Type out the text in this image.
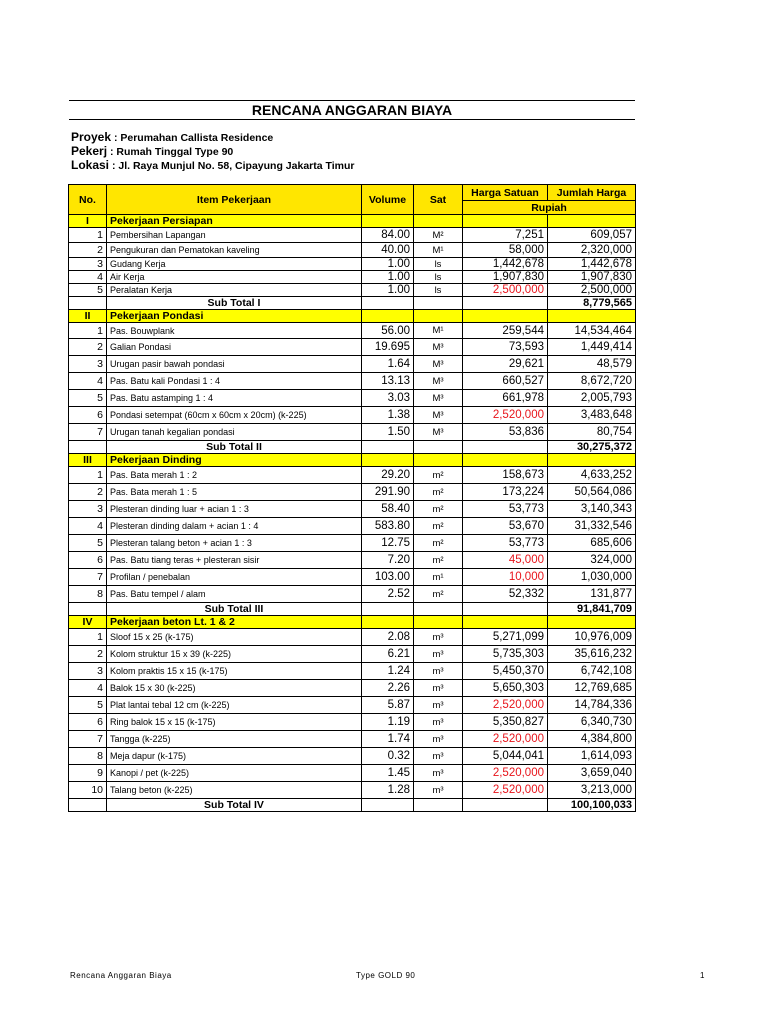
RENCANA ANGGARAN BIAYA
Proyek : Perumahan Callista Residence
Pekerj : Rumah Tinggal Type 90
Lokasi : Jl. Raya Munjul No. 58, Cipayung Jakarta Timur
No.	Item Pekerjaan	Volume	Sat	Harga Satuan	Jumlah Harga
				Rupiah	
I	Pekerjaan Persiapan				
1	Pembersihan Lapangan	84.00	M²	7,251	609,057
2	Pengukuran dan Pematokan kaveling	40.00	M¹	58,000	2,320,000
3	Gudang Kerja	1.00	ls	1,442,678	1,442,678
4	Air Kerja	1.00	ls	1,907,830	1,907,830
5	Peralatan Kerja	1.00	ls	2,500,000	2,500,000
	Sub Total I				8,779,565
II	Pekerjaan Pondasi				
1	Pas. Bouwplank	56.00	M¹	259,544	14,534,464
2	Galian Pondasi	19.695	M³	73,593	1,449,414
3	Urugan pasir bawah pondasi	1.64	M³	29,621	48,579
4	Pas. Batu kali Pondasi 1 : 4	13.13	M³	660,527	8,672,720
5	Pas. Batu astamping 1 : 4	3.03	M³	661,978	2,005,793
6	Pondasi setempat (60cm x 60cm x 20cm) (k-225)	1.38	M³	2,520,000	3,483,648
7	Urugan tanah kegalian pondasi	1.50	M³	53,836	80,754
	Sub Total II				30,275,372
III	Pekerjaan Dinding				
1	Pas. Bata merah 1 : 2	29.20	m²	158,673	4,633,252
2	Pas. Bata merah 1 : 5	291.90	m²	173,224	50,564,086
3	Plesteran dinding luar + acian 1 : 3	58.40	m²	53,773	3,140,343
4	Plesteran dinding dalam + acian 1 : 4	583.80	m²	53,670	31,332,546
5	Plesteran talang beton + acian 1 : 3	12.75	m²	53,773	685,606
6	Pas. Batu tiang teras + plesteran sisir	7.20	m²	45,000	324,000
7	Profilan / penebalan	103.00	m¹	10,000	1,030,000
8	Pas. Batu tempel / alam	2.52	m²	52,332	131,877
	Sub Total III				91,841,709
IV	Pekerjaan beton Lt. 1 & 2				
1	Sloof 15 x 25 (k-175)	2.08	m³	5,271,099	10,976,009
2	Kolom struktur 15 x 39 (k-225)	6.21	m³	5,735,303	35,616,232
3	Kolom praktis 15 x 15 (k-175)	1.24	m³	5,450,370	6,742,108
4	Balok 15 x 30 (k-225)	2.26	m³	5,650,303	12,769,685
5	Plat lantai tebal 12 cm (k-225)	5.87	m³	2,520,000	14,784,336
6	Ring balok 15 x 15 (k-175)	1.19	m³	5,350,827	6,340,730
7	Tangga (k-225)	1.74	m³	2,520,000	4,384,800
8	Meja dapur (k-175)	0.32	m³	5,044,041	1,614,093
9	Kanopi / pet (k-225)	1.45	m³	2,520,000	3,659,040
10	Talang beton (k-225)	1.28	m³	2,520,000	3,213,000
	Sub Total IV				100,100,033
Rencana Anggaran Biaya	Type GOLD 90	1
